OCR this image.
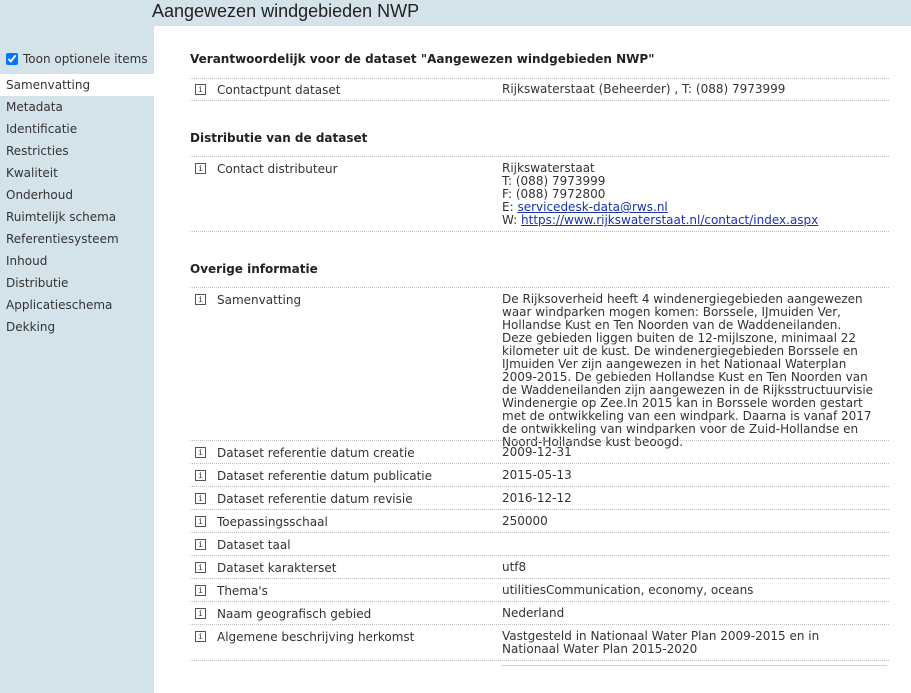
Aangewezen windgebieden NWP
Toon optionele items
Samenvatting
Metadata
Identificatie
Restricties
Kwaliteit
Onderhoud
Ruimtelijk schema
Referentiesysteem
Inhoud
Distributie
Applicatieschema
Dekking
Verantwoordelijk voor de dataset "Aangewezen windgebieden NWP"
i Contactpunt dataset	Rijkswaterstaat (Beheerder) , T: (088) 7973999
Distributie van de dataset
i Contact distributeur	Rijkswaterstaat
T: (088) 7973999
F: (088) 7972800
E: servicedesk-data@rws.nl
W: https://www.rijkswaterstaat.nl/contact/index.aspx
Overige informatie
i Samenvatting	De Rijksoverheid heeft 4 windenergiegebieden aangewezen waar windparken mogen komen: Borssele, IJmuiden Ver, Hollandse Kust en Ten Noorden van de Waddeneilanden. Deze gebieden liggen buiten de 12-mijlszone, minimaal 22 kilometer uit de kust. De windenergiegebieden Borssele en IJmuiden Ver zijn aangewezen in het Nationaal Waterplan 2009-2015. De gebieden Hollandse Kust en Ten Noorden van de Waddeneilanden zijn aangewezen in de Rijksstructuurvisie Windenergie op Zee.In 2015 kan in Borssele worden gestart met de ontwikkeling van een windpark. Daarna is vanaf 2017 de ontwikkeling van windparken voor de Zuid-Hollandse en Noord-Hollandse kust beoogd.
i Dataset referentie datum creatie	2009-12-31
i Dataset referentie datum publicatie	2015-05-13
i Dataset referentie datum revisie	2016-12-12
i Toepassingsschaal	250000
i Dataset taal
i Dataset karakterset	utf8
i Thema's	utilitiesCommunication, economy, oceans
i Naam geografisch gebied	Nederland
i Algemene beschrijving herkomst	Vastgesteld in Nationaal Water Plan 2009-2015 en in Nationaal Water Plan 2015-2020
